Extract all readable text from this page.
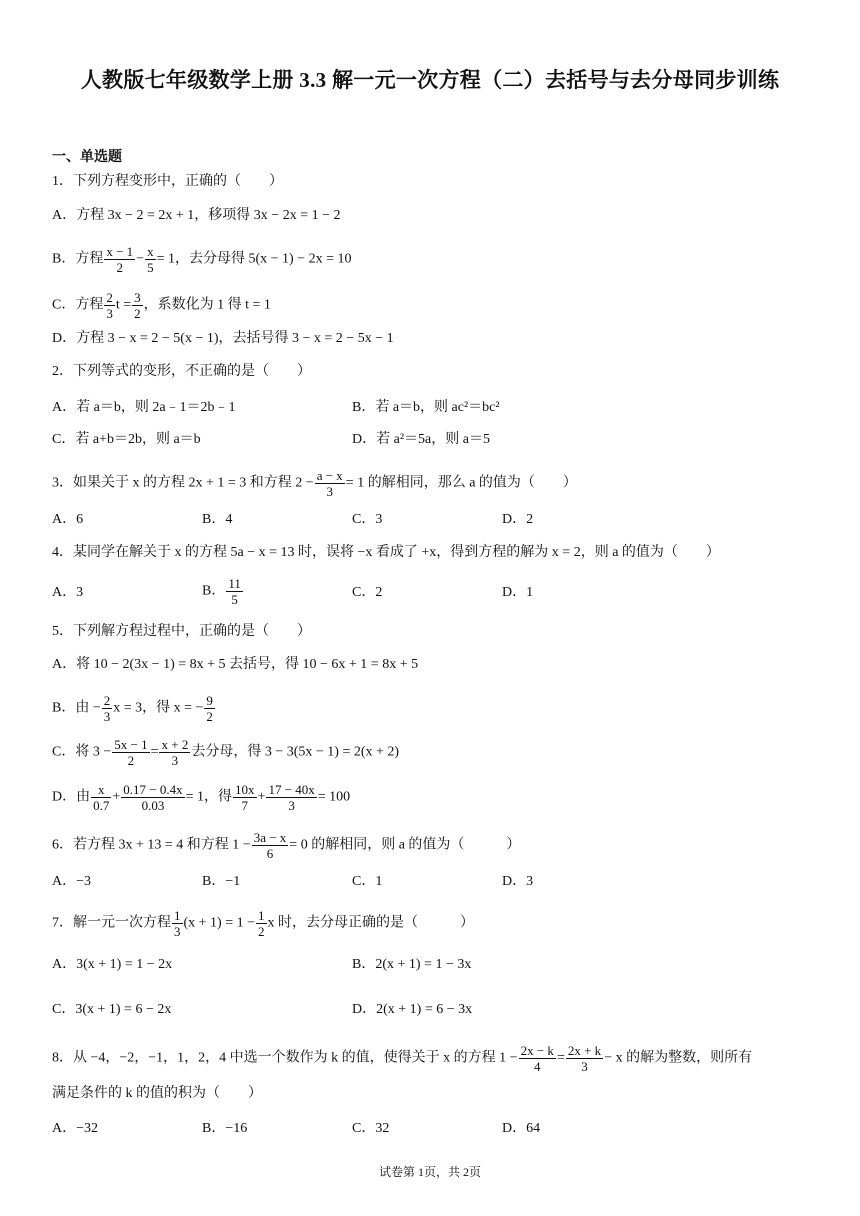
人教版七年级数学上册 3.3 解一元一次方程（二）去括号与去分母同步训练
一、单选题
1．下列方程变形中，正确的（　　）
A．方程 3x − 2 = 2x + 1，移项得 3x − 2x = 1 − 2
B．方程 $\frac{x - 1}{2} - \frac{x}{5} = 1$，去分母得 5(x − 1) − 2x = 10
C．方程 $\frac{2}{3}$ $t = \frac{3}{2}$ ，系数化为 1 得 t = 1
D．方程 3 − x = 2 − 5(x − 1)，去括号得 3 − x = 2 − 5x − 1
2．下列等式的变形，不正确的是（　　）
A．若 a＝b，则 2a﹣1＝2b﹣1	B．若 a＝b，则 ac²＝bc²
C．若 a+b＝2b，则 a＝b	D．若 a²＝5a，则 a＝5
3．如果关于 x 的方程 2x + 1 = 3 和方程 $2 - \frac{a - x}{3} = 1$ 的解相同，那么 a 的值为（　　）
A．6	B．4	C．3	D．2
4．某同学在解关于 x 的方程 5a − x = 13 时，误将 −x 看成了 +x，得到方程的解为 x = 2，则 a 的值为（　　）
A．3	B． $\frac{11}{5}$	C．2	D．1
5．下列解方程过程中，正确的是（　　）
A．将 10 − 2(3x − 1) = 8x + 5 去括号，得 10 − 6x + 1 = 8x + 5
B．由 − $\frac{2}{3}$ x = 3，得 x = − $\frac{9}{2}$
C．将 $3 - \frac{5x - 1}{2} = \frac{x + 2}{3}$ 去分母，得 3 − 3(5x − 1) = 2(x + 2)
D．由 $\frac{x}{0.7} + \frac{0.17 - 0.4x}{0.03} = 1$，得 $\frac{10x}{7} + \frac{17 - 40x}{3} = 100$
6．若方程 3x + 13 = 4 和方程 $1 - \frac{3a - x}{6} = 0$ 的解相同，则 a 的值为（　　　）
A．−3	B．−1	C．1	D．3
7．解一元一次方程 $\frac{1}{3} (x + 1) = 1 - \frac{1}{2}$ x 时，去分母正确的是（　　　）
A．3(x + 1) = 1 − 2x	B．2(x + 1) = 1 − 3x
C．3(x + 1) = 6 − 2x	D．2(x + 1) = 6 − 3x
8．从 −4，−2，−1，1，2，4 中选一个数作为 k 的值，使得关于 x 的方程 $1 - \frac{2x - k}{4} = \frac{2x + k}{3} - x$ 的解为整数，则所有
满足条件的 k 的值的积为（　　）
A．−32	B．−16	C．32	D．64
试卷第 1页，共 2页
